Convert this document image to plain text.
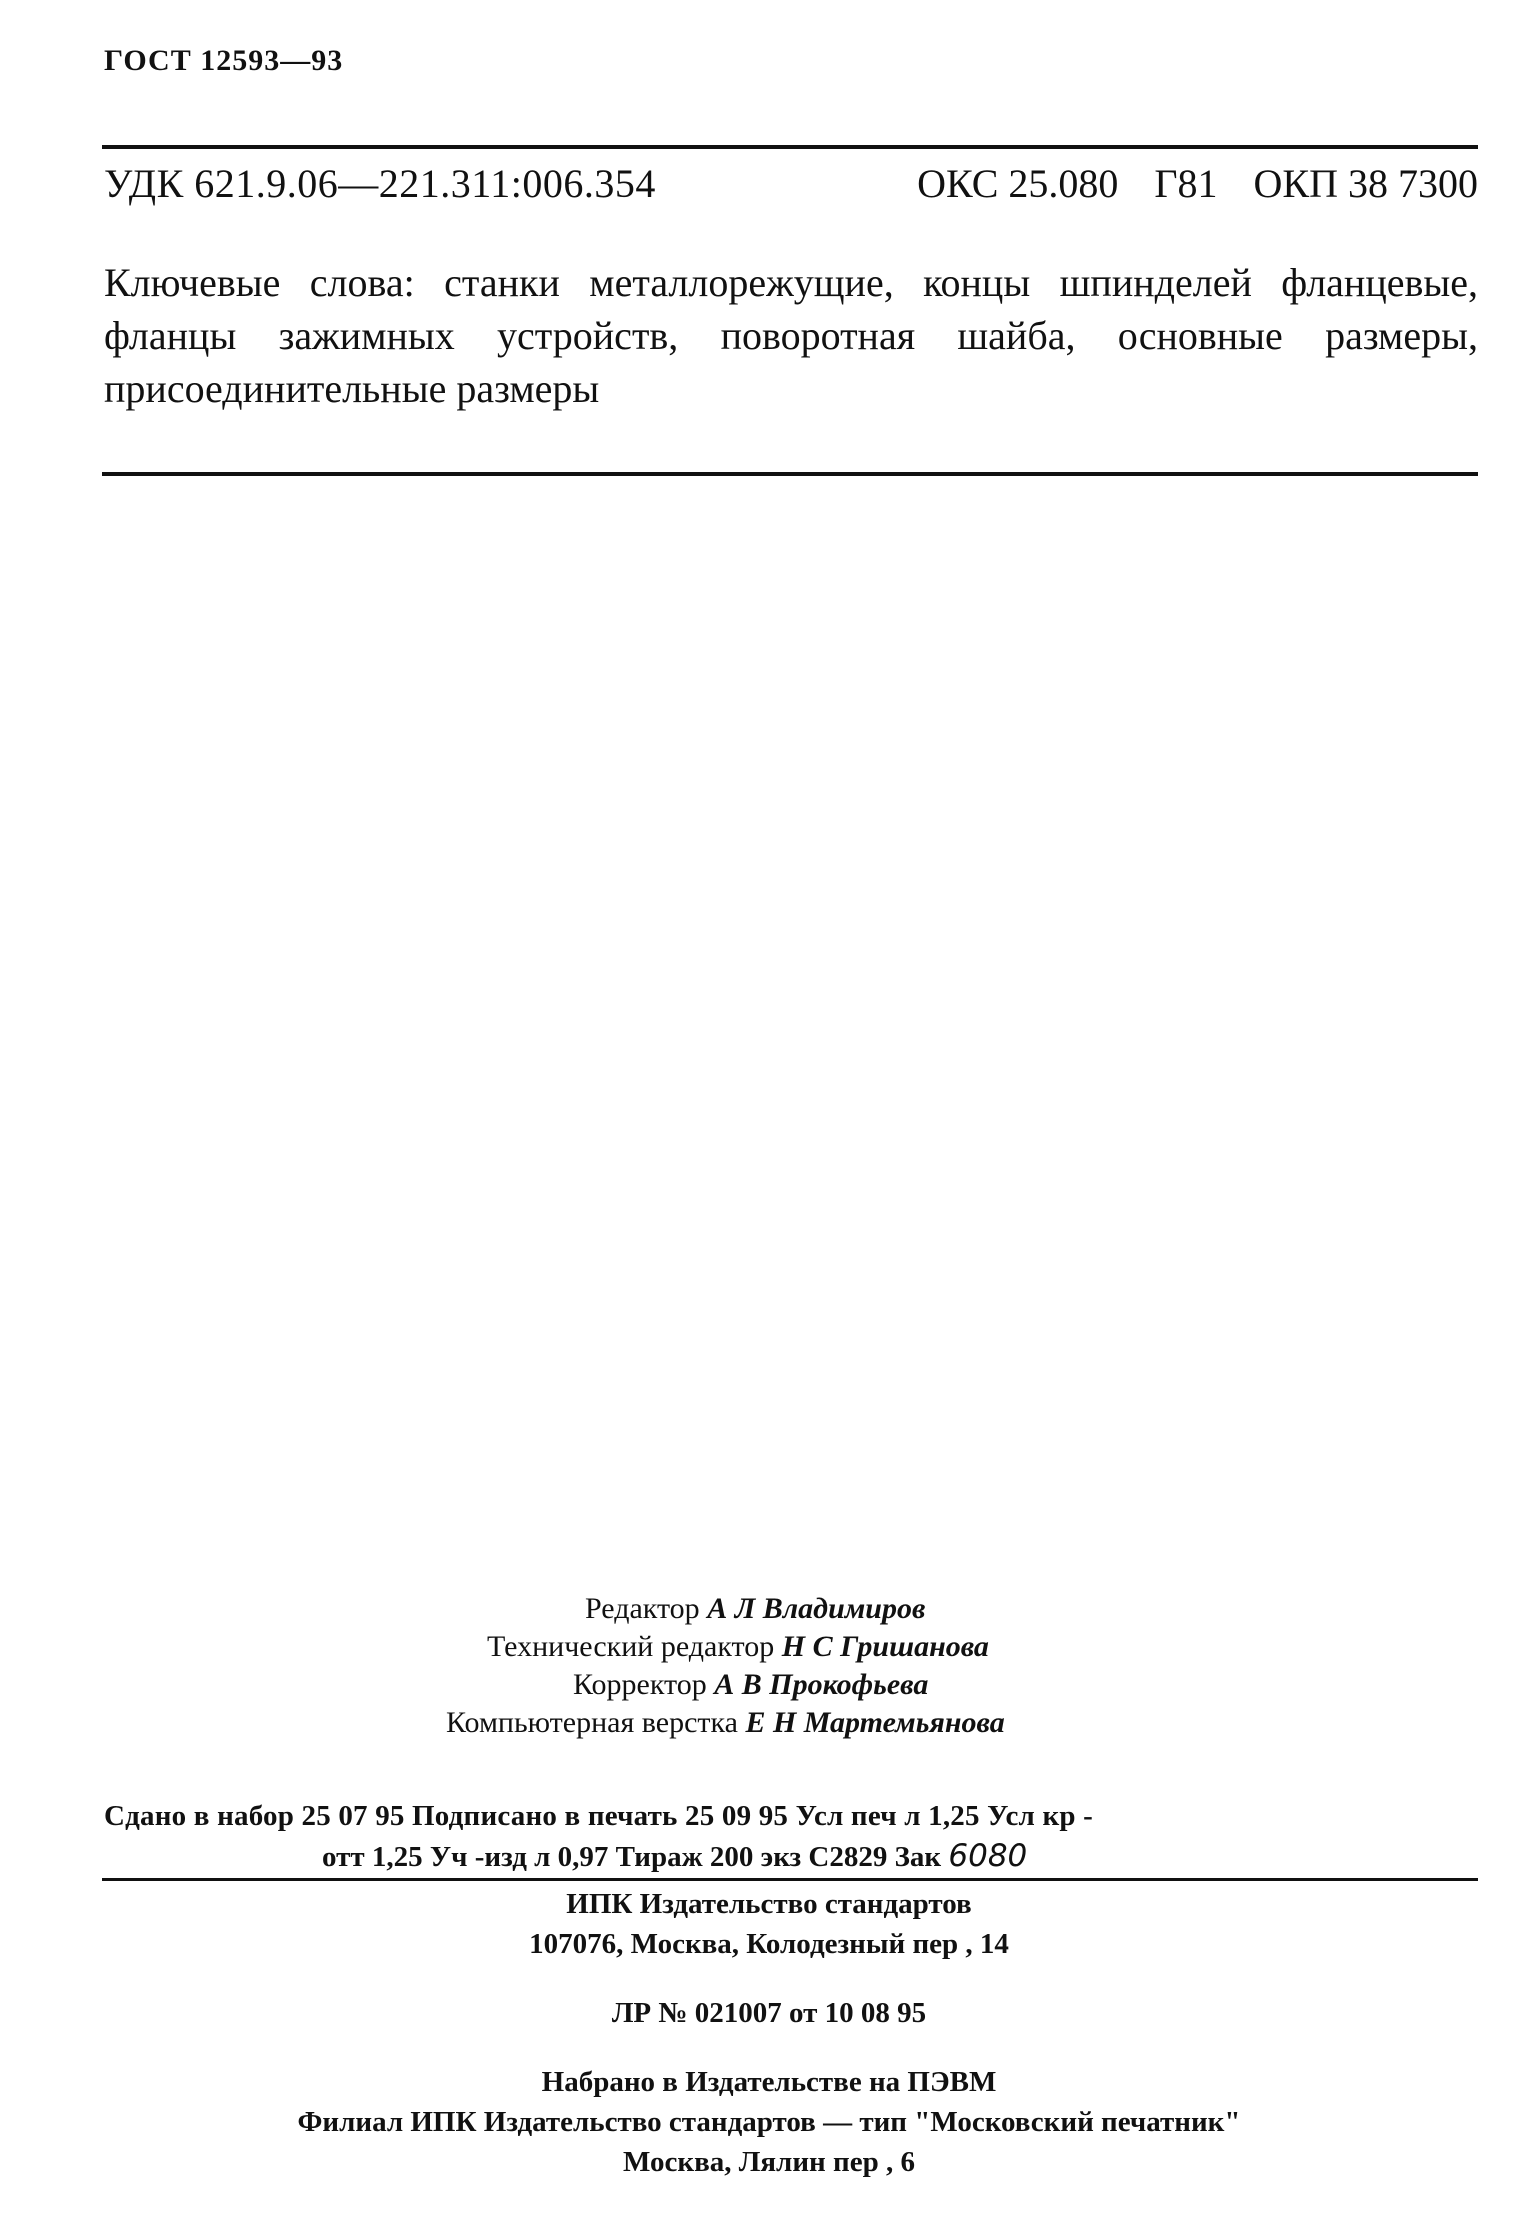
ГОСТ 12593—93
УДК 621.9.06—221.311:006.354	ОКС 25.080 Г81 ОКП 38 7300
Ключевые слова: станки металлорежущие, концы шпинделей фланцевые, фланцы зажимных устройств, поворотная шайба, основные размеры, присоединительные размеры
Редактор А Л Владимиров
Технический редактор Н С Гришанова
Корректор А В Прокофьева
Компьютерная верстка Е Н Мартемьянова
Сдано в набор 25 07 95 Подписано в печать 25 09 95 Усл печ л 1,25 Усл кр -
отт 1,25 Уч -изд л 0,97 Тираж 200 экз С2829 Зак 6080
ИПК Издательство стандартов
107076, Москва, Колодезный пер , 14
ЛР № 021007 от 10 08 95
Набрано в Издательстве на ПЭВМ
Филиал ИПК Издательство стандартов — тип "Московский печатник"
Москва, Лялин пер , 6
